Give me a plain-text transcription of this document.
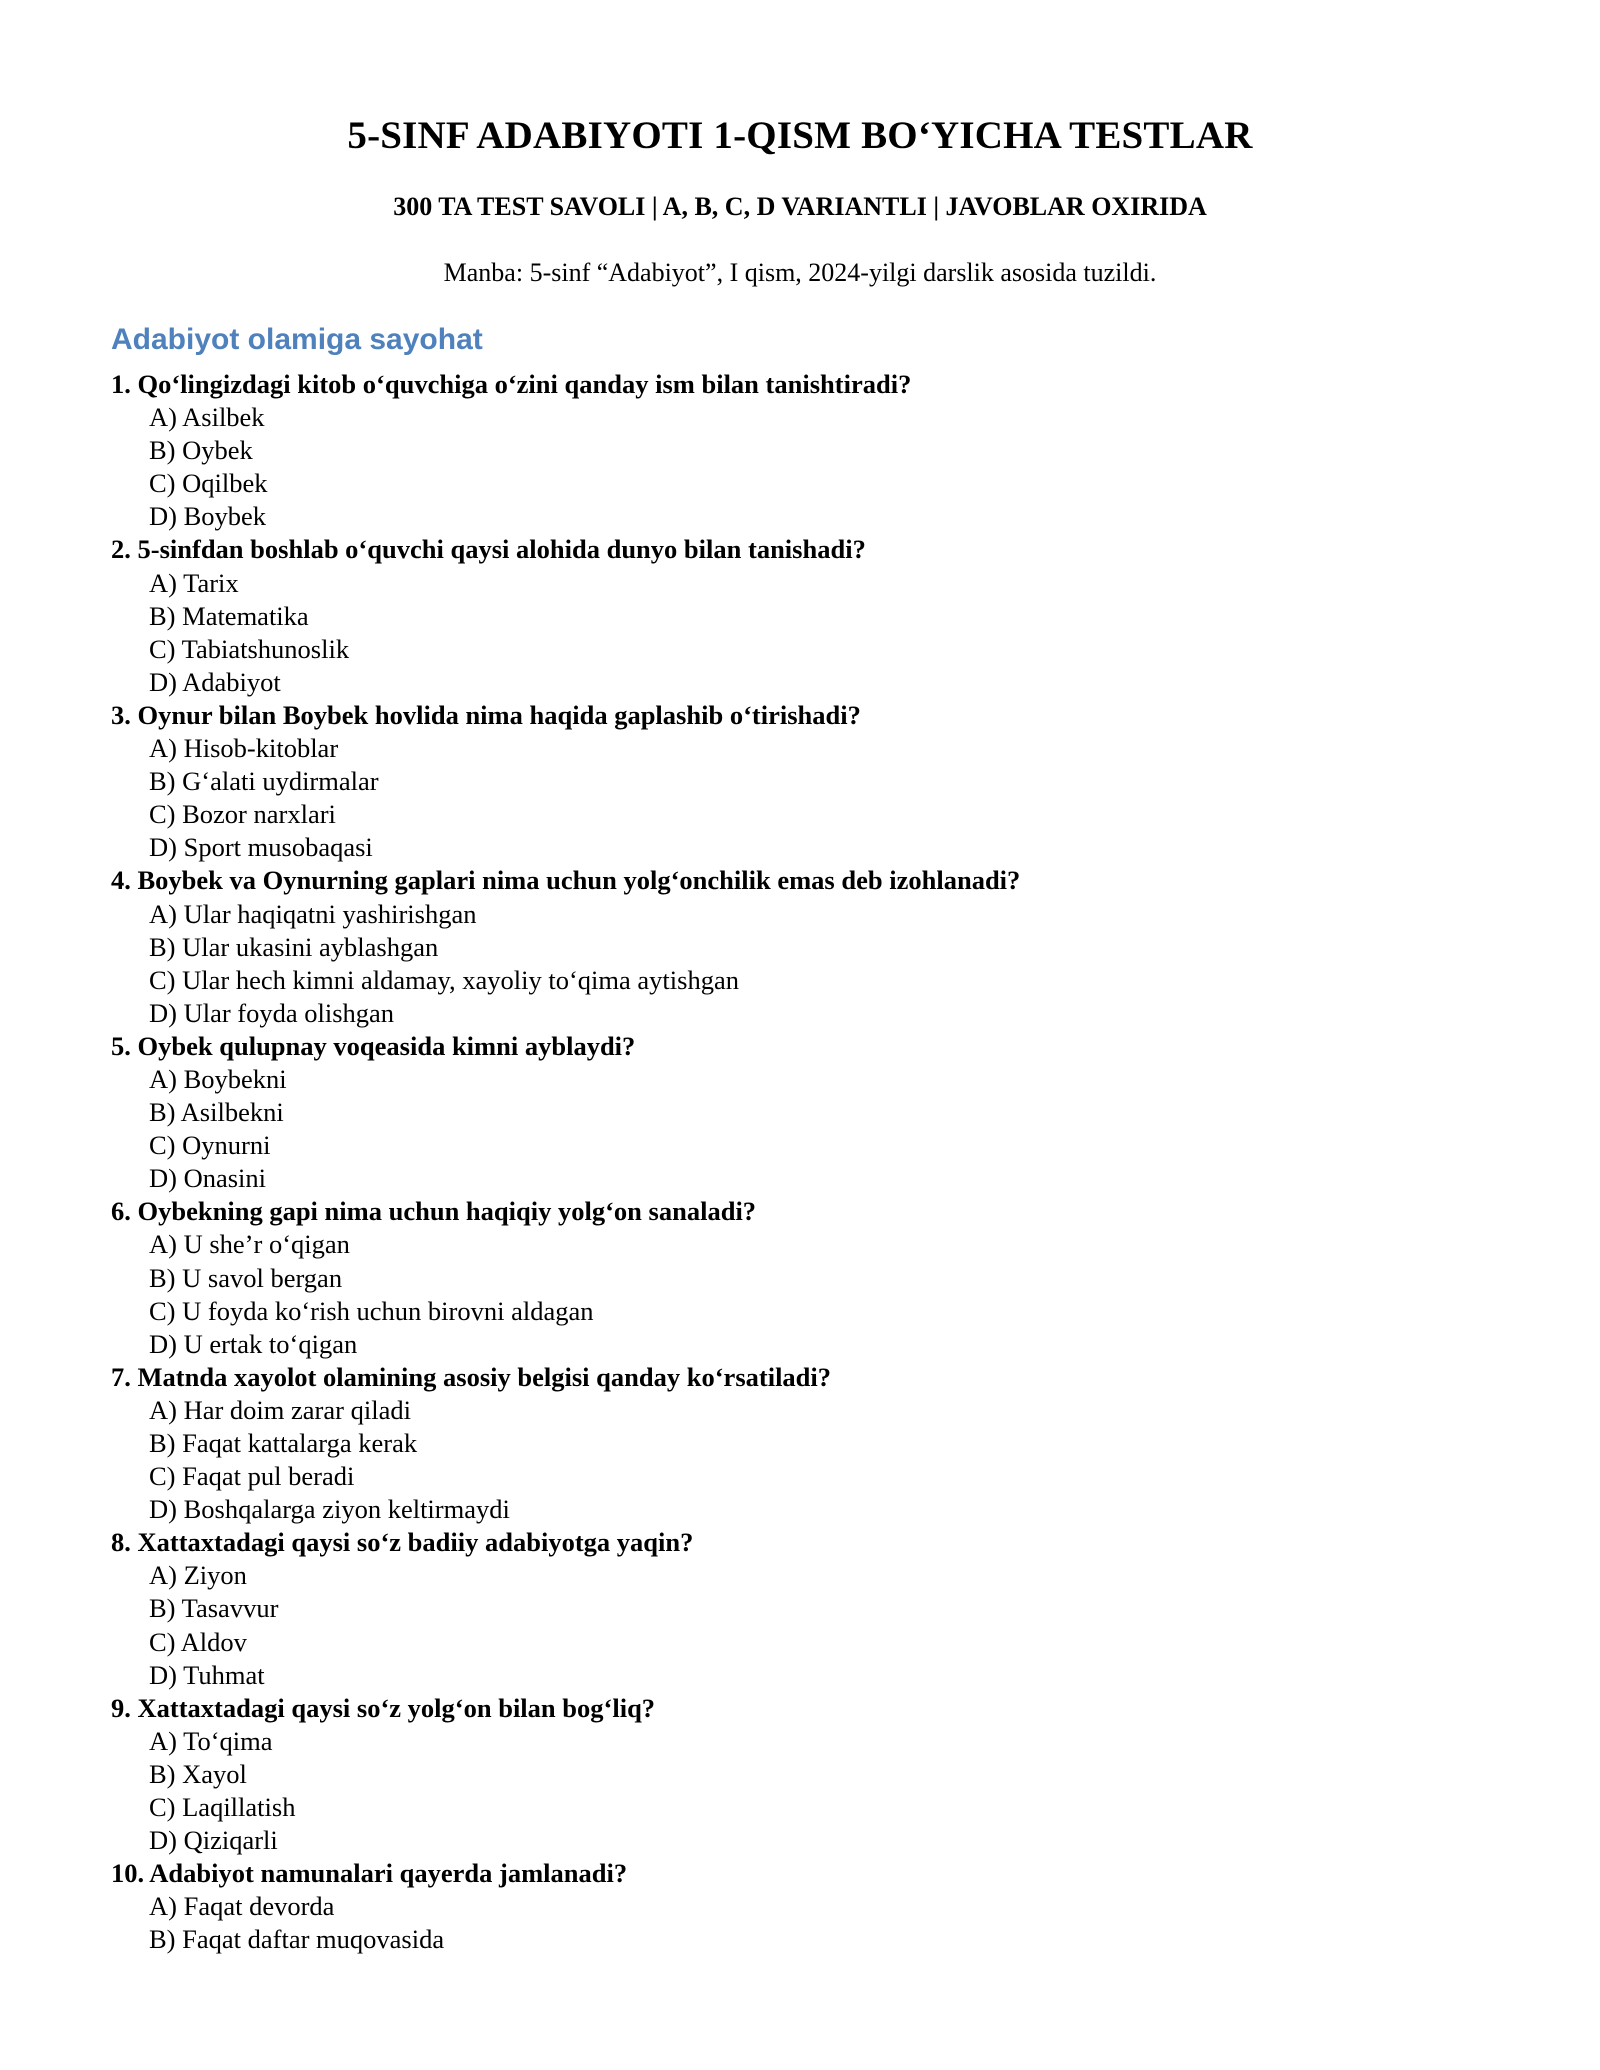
5-SINF ADABIYOTI 1-QISM BO‘YICHA TESTLAR
300 TA TEST SAVOLI | A, B, C, D VARIANTLI | JAVOBLAR OXIRIDA
Manba: 5-sinf “Adabiyot”, I qism, 2024-yilgi darslik asosida tuzildi.
Adabiyot olamiga sayohat
1. Qo‘lingizdagi kitob o‘quvchiga o‘zini qanday ism bilan tanishtiradi?
A) Asilbek
B) Oybek
C) Oqilbek
D) Boybek
2. 5-sinfdan boshlab o‘quvchi qaysi alohida dunyo bilan tanishadi?
A) Tarix
B) Matematika
C) Tabiatshunoslik
D) Adabiyot
3. Oynur bilan Boybek hovlida nima haqida gaplashib o‘tirishadi?
A) Hisob-kitoblar
B) G‘alati uydirmalar
C) Bozor narxlari
D) Sport musobaqasi
4. Boybek va Oynurning gaplari nima uchun yolg‘onchilik emas deb izohlanadi?
A) Ular haqiqatni yashirishgan
B) Ular ukasini ayblashgan
C) Ular hech kimni aldamay, xayoliy to‘qima aytishgan
D) Ular foyda olishgan
5. Oybek qulupnay voqeasida kimni ayblaydi?
A) Boybekni
B) Asilbekni
C) Oynurni
D) Onasini
6. Oybekning gapi nima uchun haqiqiy yolg‘on sanaladi?
A) U she’r o‘qigan
B) U savol bergan
C) U foyda ko‘rish uchun birovni aldagan
D) U ertak to‘qigan
7. Matnda xayolot olamining asosiy belgisi qanday ko‘rsatiladi?
A) Har doim zarar qiladi
B) Faqat kattalarga kerak
C) Faqat pul beradi
D) Boshqalarga ziyon keltirmaydi
8. Xattaxtadagi qaysi so‘z badiiy adabiyotga yaqin?
A) Ziyon
B) Tasavvur
C) Aldov
D) Tuhmat
9. Xattaxtadagi qaysi so‘z yolg‘on bilan bog‘liq?
A) To‘qima
B) Xayol
C) Laqillatish
D) Qiziqarli
10. Adabiyot namunalari qayerda jamlanadi?
A) Faqat devorda
B) Faqat daftar muqovasida
